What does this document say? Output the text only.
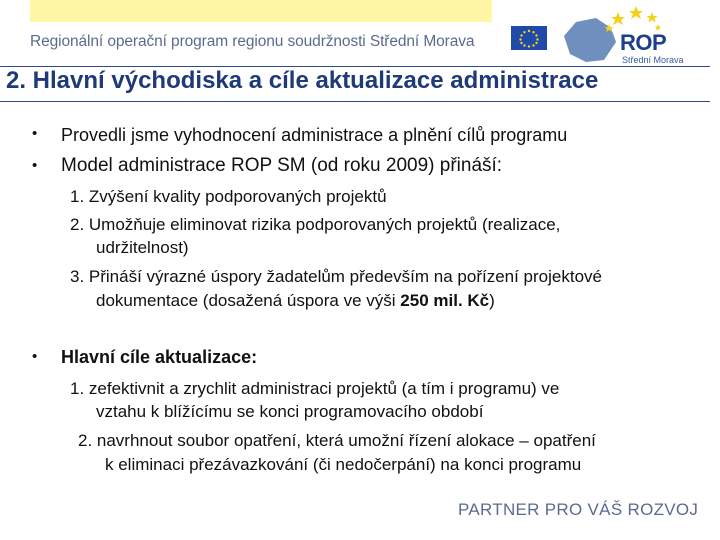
Regionální operační program regionu soudržnosti Střední Morava	ROP
Střední Morava
2. Hlavní východiska a cíle aktualizace administrace
• Provedli jsme vyhodnocení administrace a plnění cílů programu
• Model administrace ROP SM (od roku 2009) přináší:
1. Zvýšení kvality podporovaných projektů
2. Umožňuje eliminovat rizika podporovaných projektů (realizace,
udržitelnost)
3. Přináší výrazné úspory žadatelům především na pořízení projektové
dokumentace (dosažená úspora ve výši 250 mil. Kč)
• Hlavní cíle aktualizace:
1. zefektivnit a zrychlit administraci projektů (a tím i programu) ve
vztahu k blížícímu se konci programovacího období
2. navrhnout soubor opatření, která umožní řízení alokace – opatření
k eliminaci přezávazkování (či nedočerpání) na konci programu
PARTNER PRO VÁŠ ROZVOJ
